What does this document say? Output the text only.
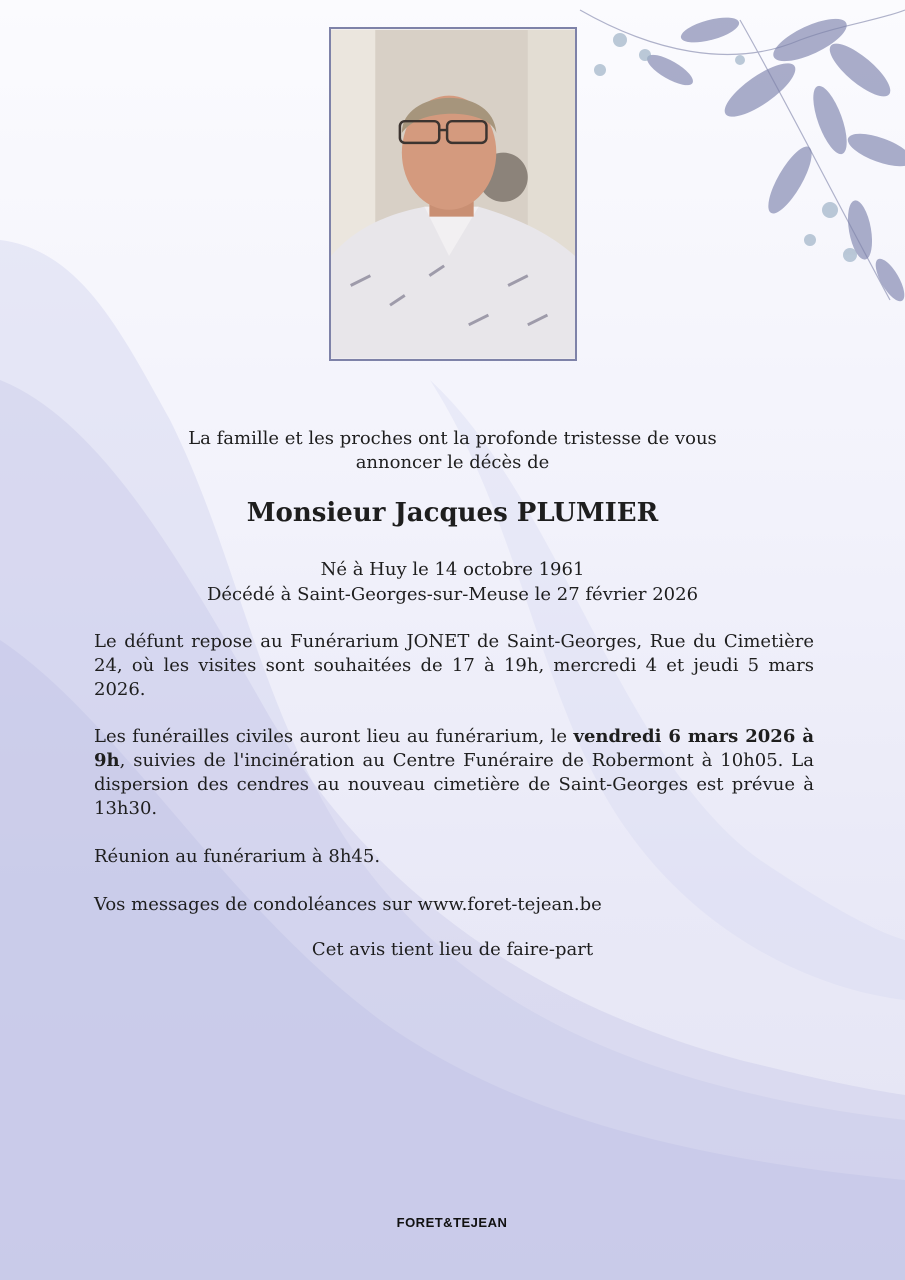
La famille et les proches ont la profonde tristesse de vous
annoncer le décès de

Monsieur Jacques PLUMIER

Né à Huy le 14 octobre 1961
Décédé à Saint-Georges-sur-Meuse le 27 février 2026

Le défunt repose au Funérarium JONET de Saint-Georges, Rue du Cimetière 24, où les visites sont souhaitées de 17 à 19h, mercredi 4 et jeudi 5 mars 2026.

Les funérailles civiles auront lieu au funérarium, le vendredi 6 mars 2026 à 9h, suivies de l'incinération au Centre Funéraire de Robermont à 10h05. La dispersion des cendres au nouveau cimetière de Saint-Georges est prévue à 13h30.

Réunion au funérarium à 8h45.

Vos messages de condoléances sur www.foret-tejean.be

Cet avis tient lieu de faire-part

FORET&TEJEAN
